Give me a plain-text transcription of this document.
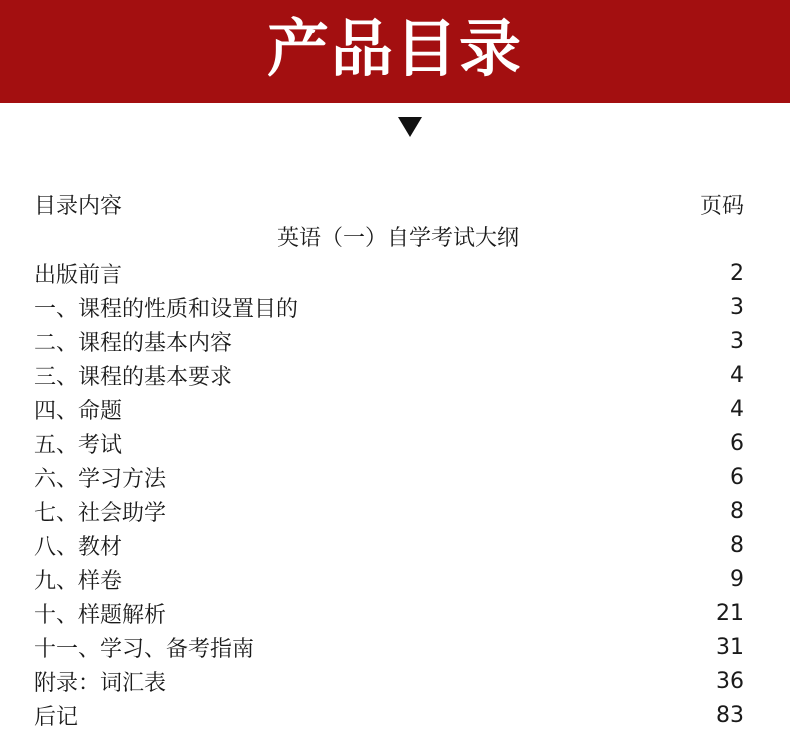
产品目录
目录内容	页码
英语（一）自学考试大纲
出版前言	2
一、课程的性质和设置目的	3
二、课程的基本内容	3
三、课程的基本要求	4
四、命题	4
五、考试	6
六、学习方法	6
七、社会助学	8
八、教材	8
九、样卷	9
十、样题解析	21
十一、学习、备考指南	31
附录：词汇表	36
后记	83
